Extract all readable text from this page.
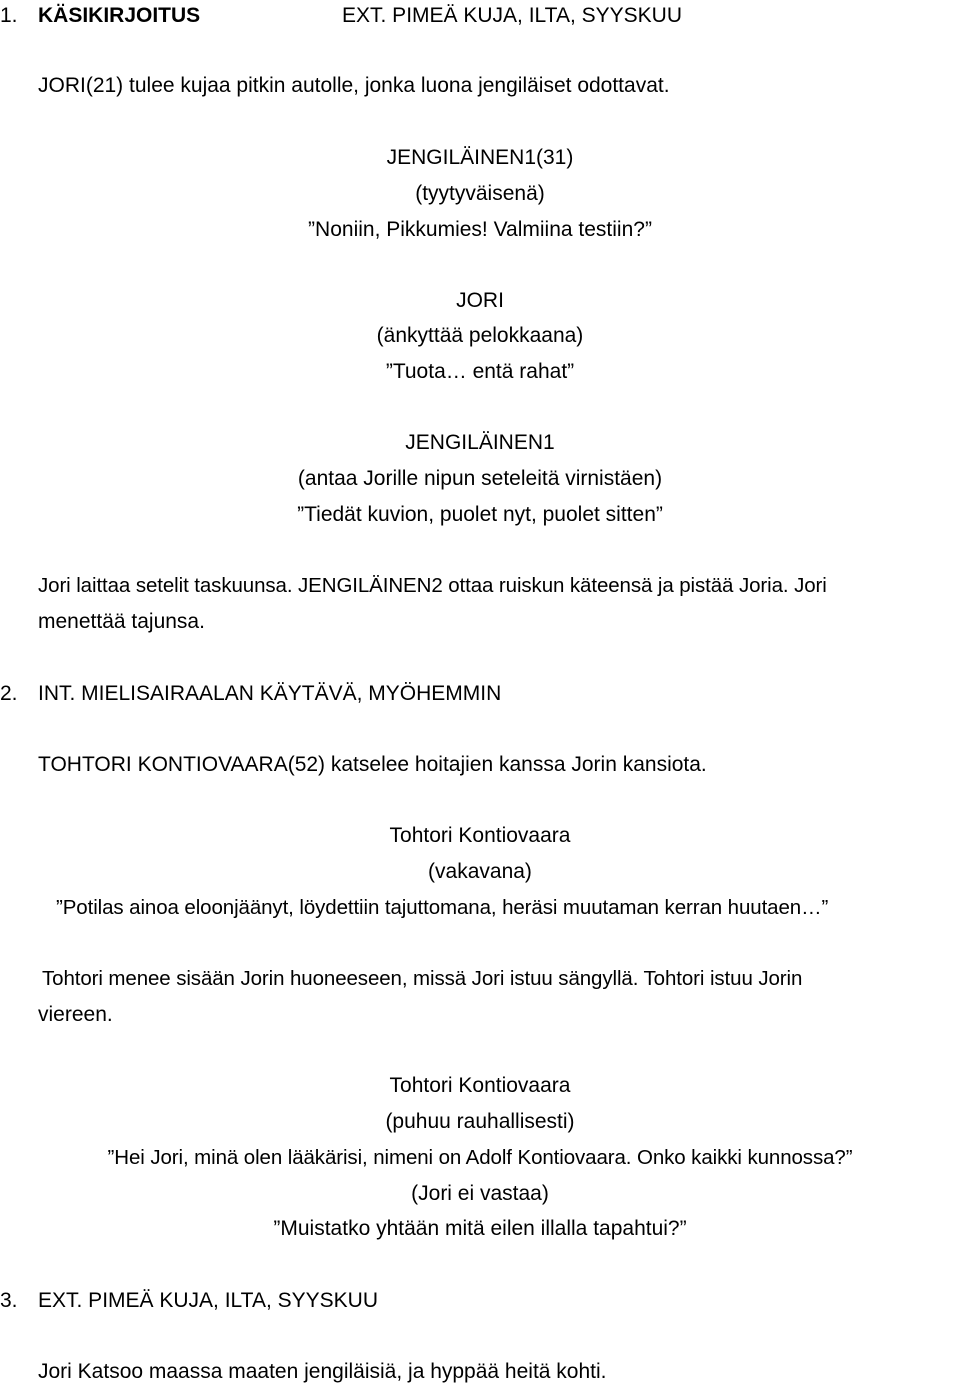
1. KÄSIKIRJOITUS	EXT. PIMEÄ KUJA, ILTA, SYYSKUU
JORI(21) tulee kujaa pitkin autolle, jonka luona jengiläiset odottavat.
JENGILÄINEN1(31)
(tyytyväisenä)
”Noniin, Pikkumies! Valmiina testiin?”
JORI
(änkyttää pelokkaana)
”Tuota… entä rahat”
JENGILÄINEN1
(antaa Jorille nipun seteleitä virnistäen)
”Tiedät kuvion, puolet nyt, puolet sitten”
Jori laittaa setelit taskuunsa. JENGILÄINEN2 ottaa ruiskun käteensä ja pistää Joria. Jori
menettää tajunsa.
2. INT. MIELISAIRAALAN KÄYTÄVÄ, MYÖHEMMIN
TOHTORI KONTIOVAARA(52) katselee hoitajien kanssa Jorin kansiota.
Tohtori Kontiovaara
(vakavana)
”Potilas ainoa eloonjäänyt, löydettiin tajuttomana, heräsi muutaman kerran huutaen…”
Tohtori menee sisään Jorin huoneeseen, missä Jori istuu sängyllä. Tohtori istuu Jorin
viereen.
Tohtori Kontiovaara
(puhuu rauhallisesti)
”Hei Jori, minä olen lääkärisi, nimeni on Adolf Kontiovaara. Onko kaikki kunnossa?”
(Jori ei vastaa)
”Muistatko yhtään mitä eilen illalla tapahtui?”
3. EXT. PIMEÄ KUJA, ILTA, SYYSKUU
Jori Katsoo maassa maaten jengiläisiä, ja hyppää heitä kohti.
